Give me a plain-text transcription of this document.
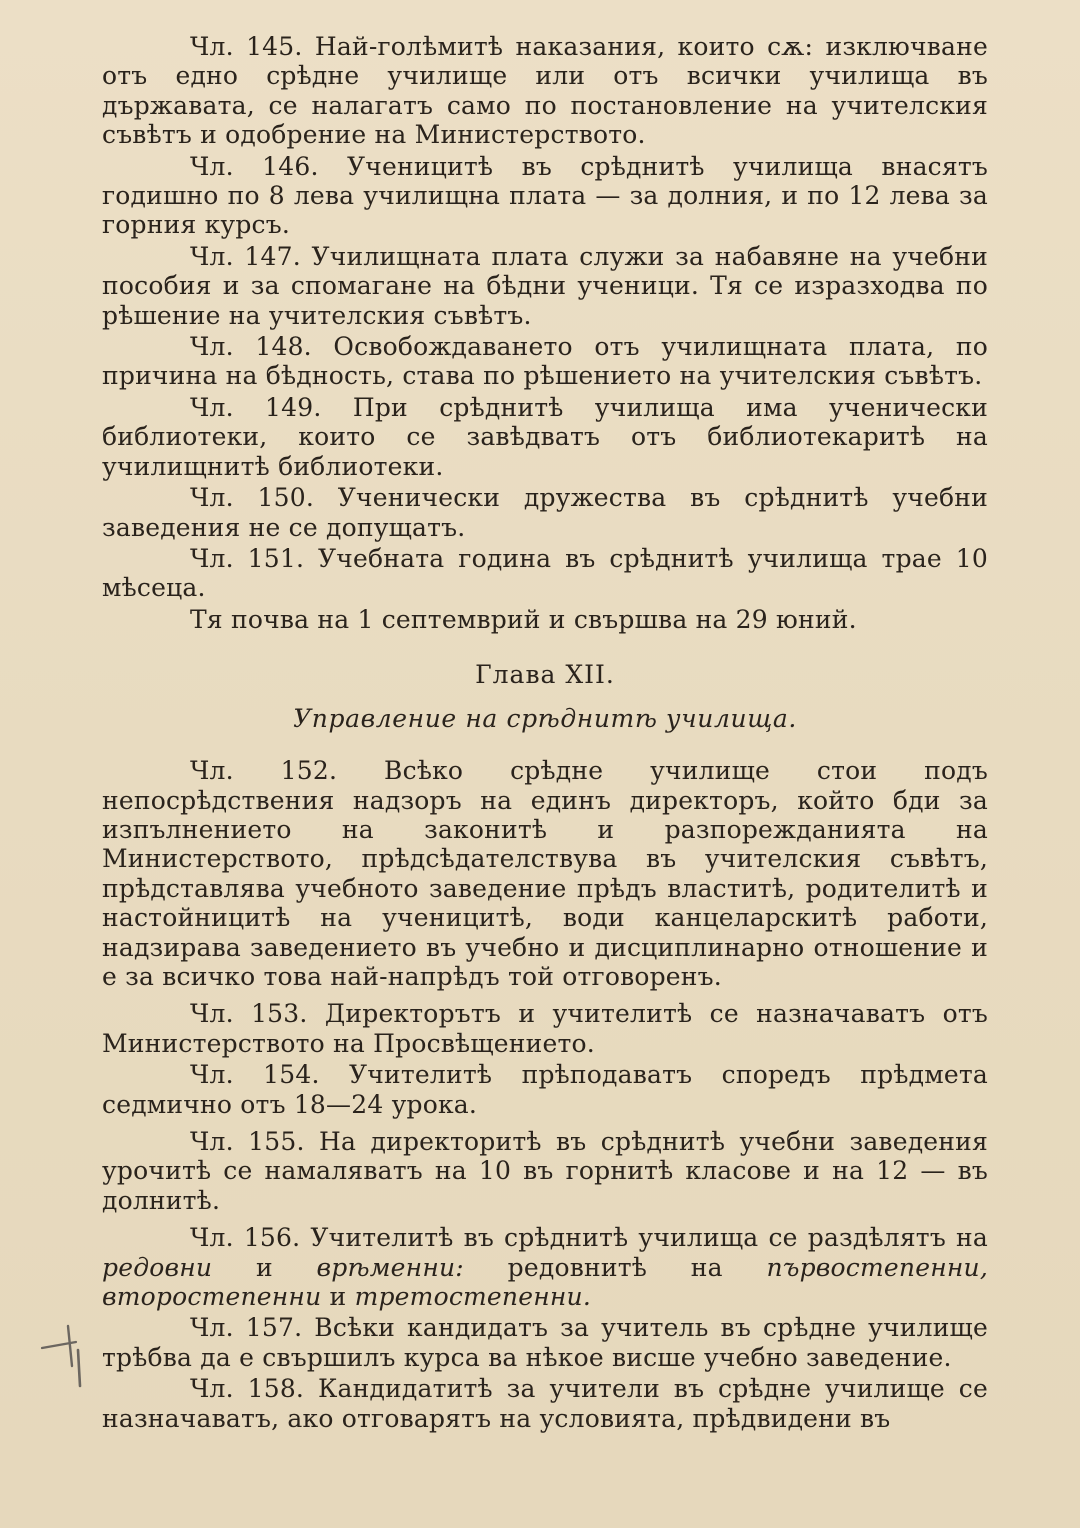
Чл. 145. Най-голѣмитѣ наказания, които сѫ: изключване отъ едно срѣдне училище или отъ всички училища въ държавата, се налагатъ само по постановление на учителския съвѣтъ и одобрение на Министерството.

Чл. 146. Ученицитѣ въ срѣднитѣ училища внасятъ годишно по 8 лева училищна плата — за долния, и по 12 лева за горния курсъ.

Чл. 147. Училищната плата служи за набавяне на учебни пособия и за спомагане на бѣдни ученици. Тя се изразходва по рѣшение на учителския съвѣтъ.

Чл. 148. Освобождаването отъ училищната плата, по причина на бѣдность, става по рѣшението на учителския съвѣтъ.

Чл. 149. При срѣднитѣ училища има ученически библиотеки, които се завѣдватъ отъ библиотекаритѣ на училищнитѣ библиотеки.

Чл. 150. Ученически дружества въ срѣднитѣ учебни заведения не се допущатъ.

Чл. 151. Учебната година въ срѣднитѣ училища трае 10 мѣсеца.

Тя почва на 1 септемврий и свършва на 29 юний.

Глава XII.
Управление на срѣднитѣ училища.

Чл. 152. Всѣко срѣдне училище стои подъ непосрѣдствения надзоръ на единъ директоръ, който бди за изпълнението на законитѣ и разпорежданията на Министерството, прѣдсѣдателствува въ учителския съвѣтъ, прѣдставлява учебното заведение прѣдъ властитѣ, родителитѣ и настойницитѣ на ученицитѣ, води канцеларскитѣ работи, надзирава заведението въ учебно и дисциплинарно отношение и е за всичко това най-напрѣдъ той отговоренъ.

Чл. 153. Директорътъ и учителитѣ се назначаватъ отъ Министерството на Просвѣщението.

Чл. 154. Учителитѣ прѣподаватъ споредъ прѣдмета седмично отъ 18—24 урока.

Чл. 155. На директоритѣ въ срѣднитѣ учебни заведения урочитѣ се намаляватъ на 10 въ горнитѣ класове и на 12 — въ долнитѣ.

Чл. 156. Учителитѣ въ срѣднитѣ училища се раздѣлятъ на редовни и врѣменни: редовнитѣ на първостепенни, второстепенни и третостепенни.

Чл. 157. Всѣки кандидатъ за учитель въ срѣдне училище трѣбва да е свършилъ курса ва нѣкое висше учебно заведение.

Чл. 158. Кандидатитѣ за учители въ срѣдне училище се назначаватъ, ако отговарятъ на условията, прѣдвидени въ
